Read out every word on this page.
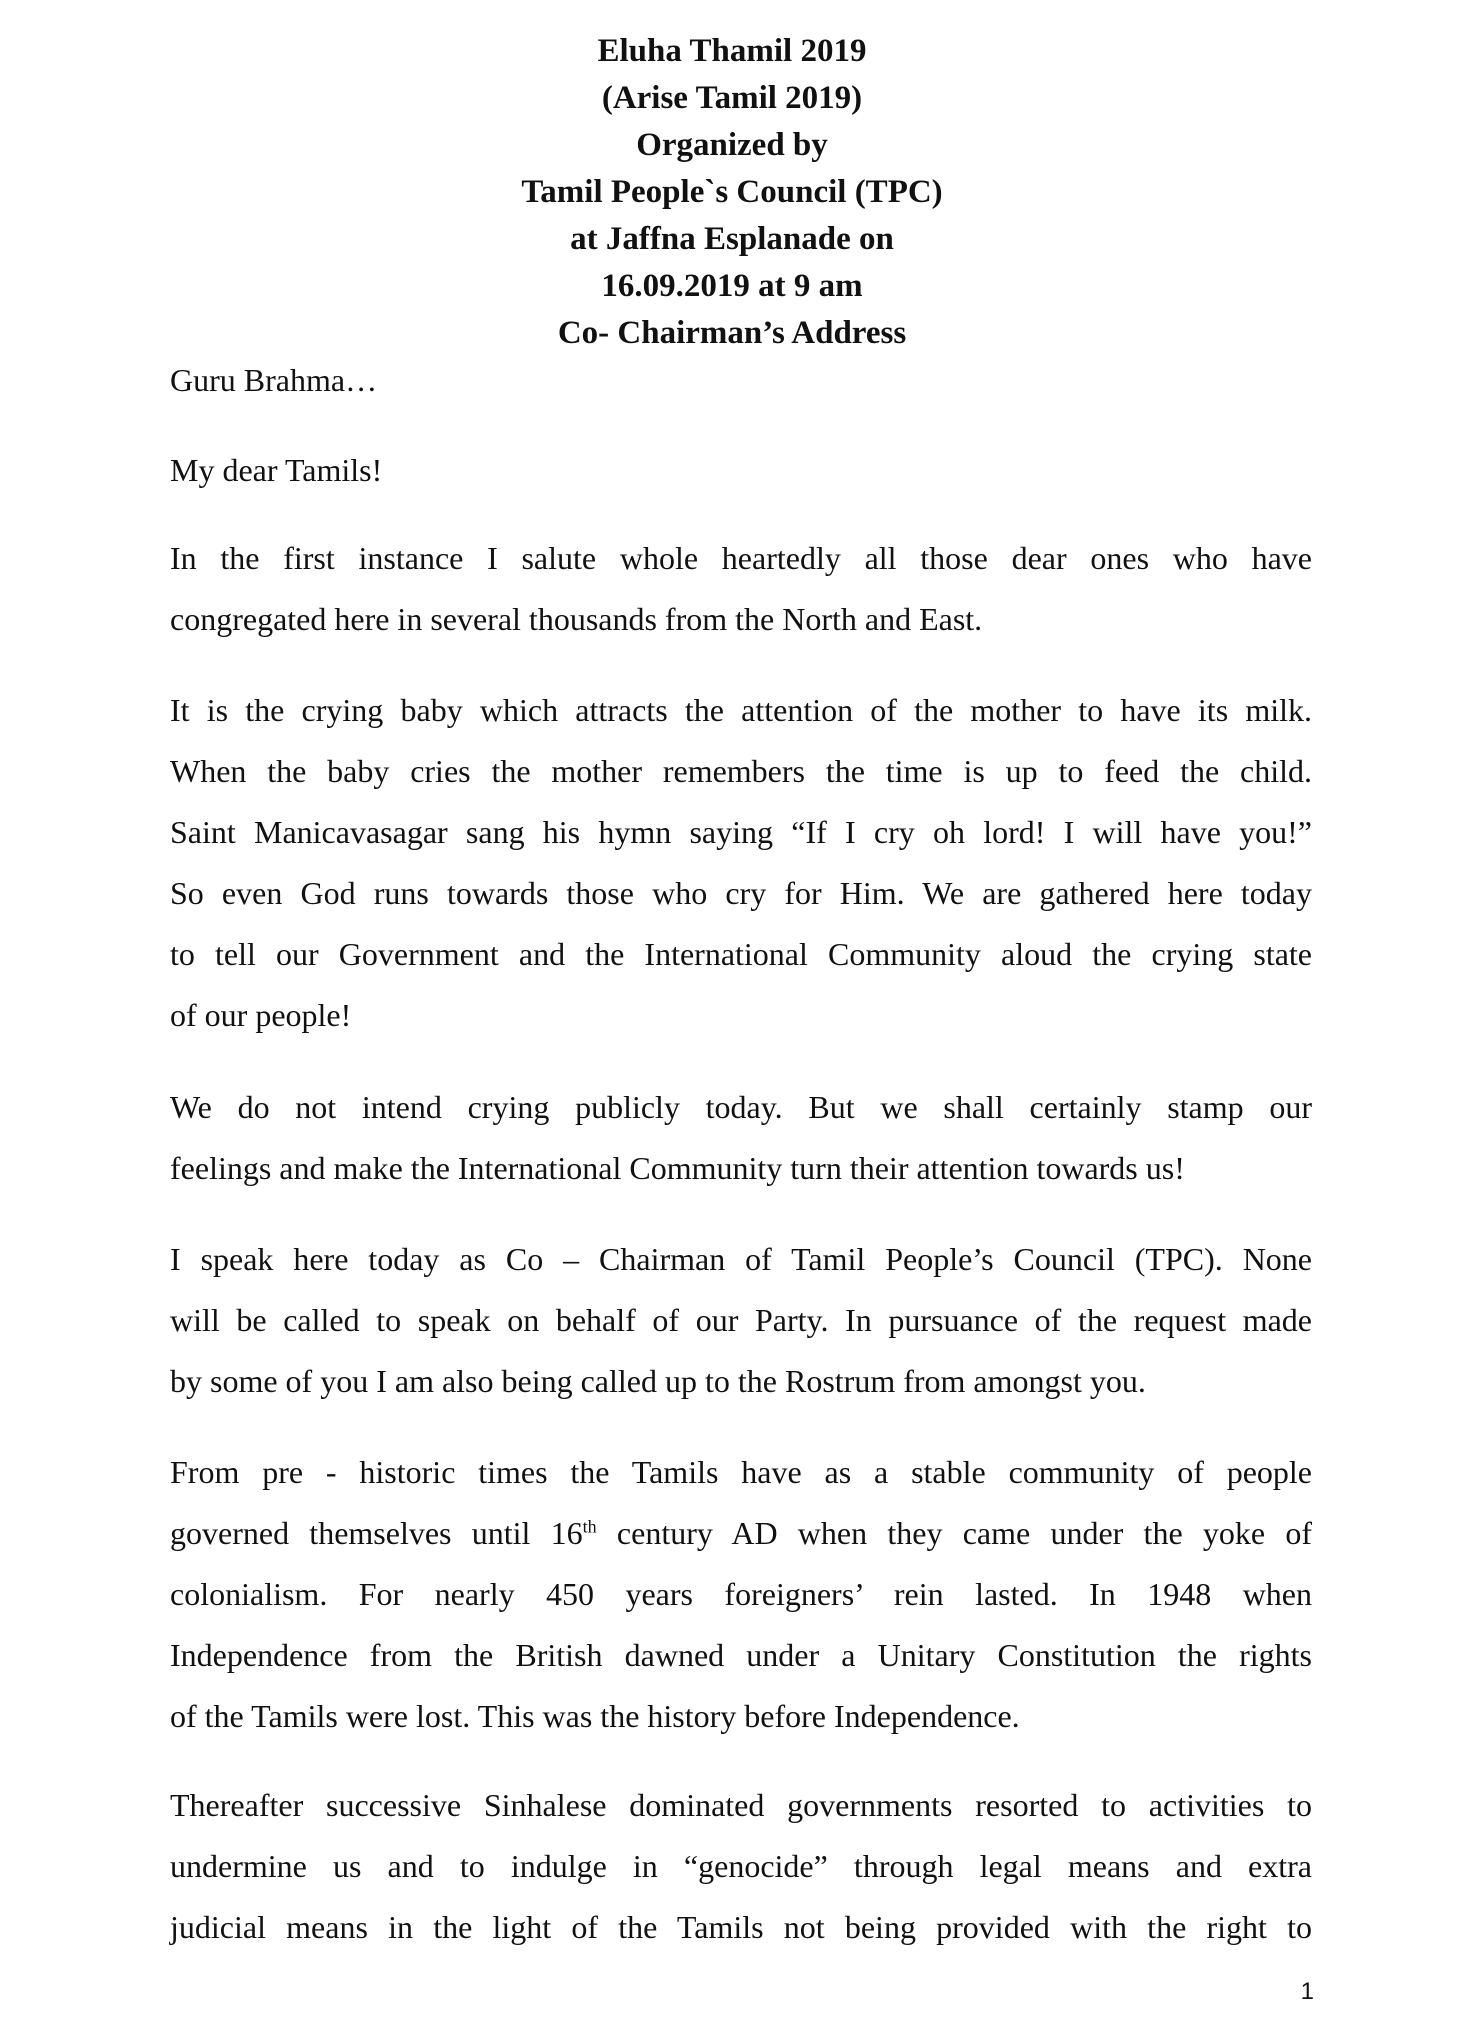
Eluha Thamil 2019
(Arise Tamil 2019)
Organized by
Tamil People`s Council (TPC)
at Jaffna Esplanade on
16.09.2019 at 9 am
Co- Chairman’s Address
Guru Brahma…
My dear Tamils!
In the first instance I salute whole heartedly all those dear ones who have
congregated here in several thousands from the North and East.
It is the crying baby which attracts the attention of the mother to have its milk.
When the baby cries the mother remembers the time is up to feed the child.
Saint Manicavasagar sang his hymn saying “If I cry oh lord! I will have you!”
So even God runs towards those who cry for Him. We are gathered here today
to tell our Government and the International Community aloud the crying state
of our people!
We do not intend crying publicly today. But we shall certainly stamp our
feelings and make the International Community turn their attention towards us!
I speak here today as Co – Chairman of Tamil People’s Council (TPC). None
will be called to speak on behalf of our Party. In pursuance of the request made
by some of you I am also being called up to the Rostrum from amongst you.
From pre - historic times the Tamils have as a stable community of people
governed themselves until 16th century AD when they came under the yoke of
colonialism. For nearly 450 years foreigners’ rein lasted. In 1948 when
Independence from the British dawned under a Unitary Constitution the rights
of the Tamils were lost. This was the history before Independence.
Thereafter successive Sinhalese dominated governments resorted to activities to
undermine us and to indulge in “genocide” through legal means and extra
judicial means in the light of the Tamils not being provided with the right to
1
